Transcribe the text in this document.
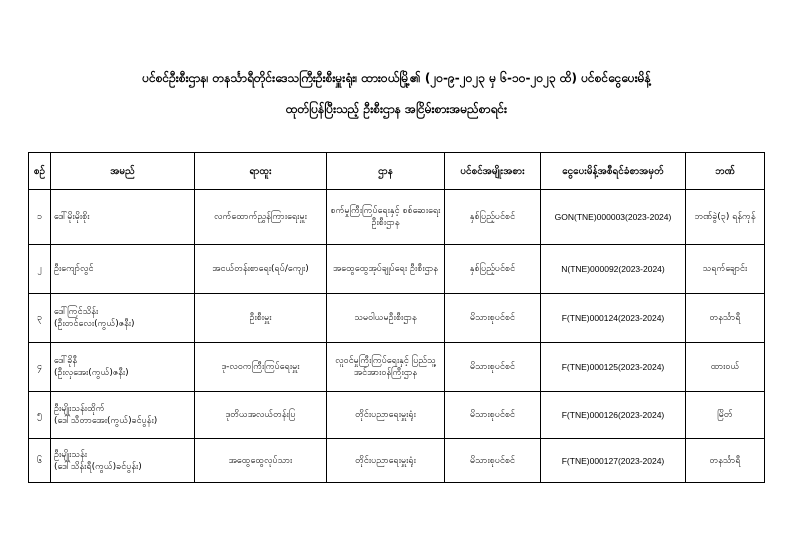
ပင်စင်ဦးစီးဌာန၊ တနင်္သာရီတိုင်းဒေသကြီးဦးစီးမှူးရုံး၊ ထားဝယ်မြို့၏ (၂၀-၉-၂၀၂၃ မှ ၆-၁၀-၂၀၂၃ ထိ) ပင်စင်ငွေပေးမိန့်
ထုတ်ပြန်ပြီးသည့် ဦးစီးဌာန အငြိမ်းစားအမည်စာရင်း
စဉ်	အမည်	ရာထူး	ဌာန	ပင်စင်အမျိုးအစား	ငွေပေးမိန့်အစီရင်ခံစာအမှတ်	ဘဏ်
၁	ဒေါ်မိုးမိုးစိုး	လက်ထောက်ညွှန်ကြားရေးမှူး	စက်မှုကြီးကြပ်ရေးနှင့် စစ်ဆေးရေးဦးစီးဌာန	နှစ်ပြည့်ပင်စင်	GON(TNE)000003(2023-2024)	ဘဏ်ခွဲ(၃) ရန်ကုန်
၂	ဦးကျော်လွင်	အငယ်တန်းစာရေး(ရပ်/ကျေး)	အထွေထွေအုပ်ချုပ်ရေး ဦးစီးဌာန	နှစ်ပြည့်ပင်စင်	N(TNE)000092(2023-2024)	သရက်ချောင်း
၃	ဒေါ်ကြင်သိန်း
(ဦးတင်လေး(ကွယ်)ဇနီး)	ဦးစီးမှူး	သမဝါယမဦးစီးဌာန	မိသားစုပင်စင်	F(TNE)000124(2023-2024)	တနင်္သာရီ
၄	ဒေါ်ခိုနီ
(ဦးလှအေး(ကွယ်)ဇနီး)	ဒု-လဝကကြီးကြပ်ရေးမှူး	လူဝင်မှုကြီးကြပ်ရေးနှင့် ပြည်သူ့အင်အားဝန်ကြီးဌာန	မိသားစုပင်စင်	F(TNE)000125(2023-2024)	ထားဝယ်
၅	ဦးမျိုးသန်းထိုက်
(ဒေါ်သီတာအေး(ကွယ်)ခင်ပွန်း)	ဒုတိယအလယ်တန်းပြ	တိုင်းပညာရေးမှူးရုံး	မိသားစုပင်စင်	F(TNE)000126(2023-2024)	မြိတ်
၆	ဦးမျိုးသန်း
(ဒေါ်သိန်းရီ(ကွယ်)ခင်ပွန်း)	အထွေထွေလုပ်သား	တိုင်းပညာရေးမှူးရုံး	မိသားစုပင်စင်	F(TNE)000127(2023-2024)	တနင်္သာရီ
